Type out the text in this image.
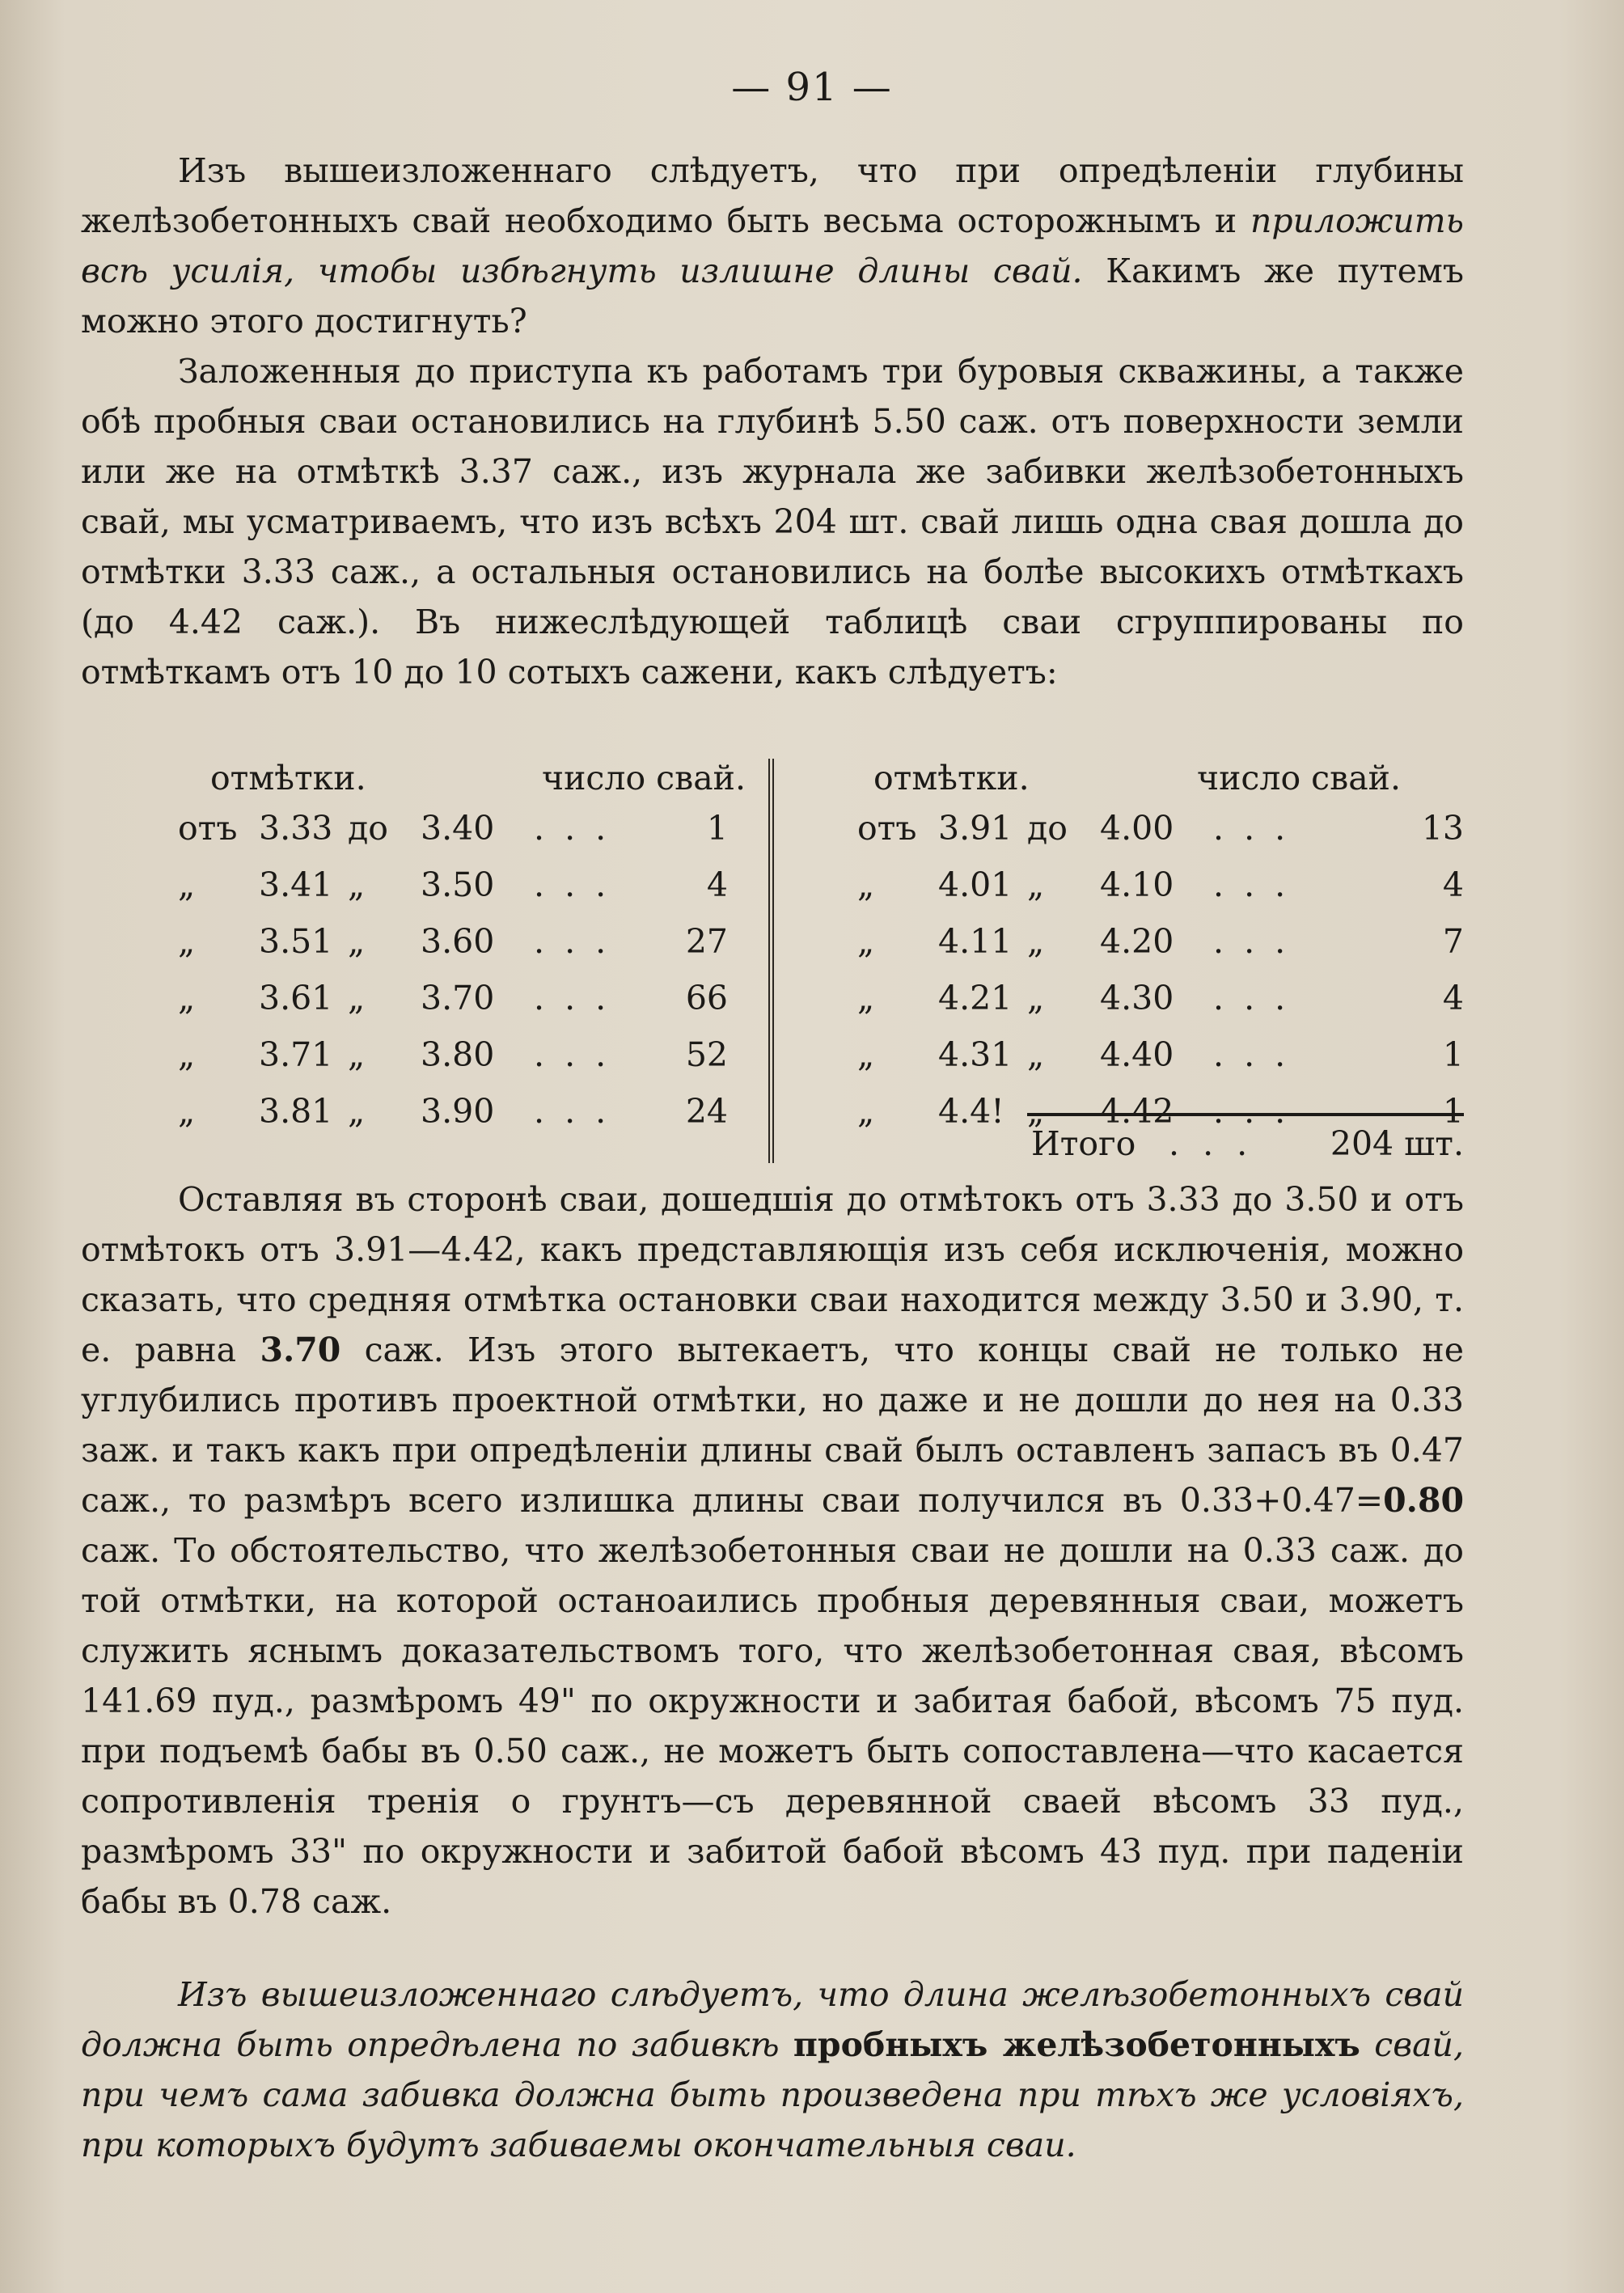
— 91 —
Изъ вышеизложеннаго слѣдуетъ, что при опредѣленіи глубины желѣзобетонныхъ свай необходимо быть весьма осторожнымъ и приложить всѣ усилія, чтобы избѣгнуть излишне длины свай. Какимъ же путемъ можно этого достигнуть?
Заложенныя до приступа къ работамъ три буровыя скважины, а также обѣ пробныя сваи остановились на глубинѣ 5.50 саж. отъ поверхности земли или же на отмѣткѣ 3.37 саж., изъ журнала же забивки желѣзобетонныхъ свай, мы усматриваемъ, что изъ всѣхъ 204 шт. свай лишь одна свая дошла до отмѣтки 3.33 саж., а остальныя остановились на болѣе высокихъ отмѣткахъ (до 4.42 саж.). Въ нижеслѣдующей таблицѣ сваи сгруппированы по отмѣткамъ отъ 10 до 10 сотыхъ сажени, какъ слѣдуетъ:
отмѣтки.	число свай.
отъ 3.33 до 3.40 . . .	1
„ 3.41 „ 3.50 . . .	4
„ 3.51 „ 3.60 . . . 27
„ 3.61 „ 3.70 . . . 66
„ 3.71 „ 3.80 . . . 52
„ 3.81 „ 3.90 . . . 24
отмѣтки.	число свай.
отъ 3.91 до 4.00 . . .	13
„ 4.01 „ 4.10 . . .	4
„ 4.11 „ 4.20 . . .	7
„ 4.21 „ 4.30 . . .	4
„ 4.31 „ 4.40 . . .	1
„ 4.4! „ 4.42 . . .	1
Итого . . . 204 шт.
Оставляя въ сторонѣ сваи, дошедшія до отмѣтокъ отъ 3.33 до 3.50 и отъ отмѣтокъ отъ 3.91—4.42, какъ представляющія изъ себя исключенія, можно сказать, что средняя отмѣтка остановки сваи находится между 3.50 и 3.90, т. е. равна 3.70 саж. Изъ этого вытекаетъ, что концы свай не только не углубились противъ проектной отмѣтки, но даже и не дошли до нея на 0.33 заж. и такъ какъ при опредѣленіи длины свай былъ оставленъ запасъ въ 0.47 саж., то размѣръ всего излишка длины сваи получился въ 0.33+0.47=0.80 саж. То обстоятельство, что желѣзобетонныя сваи не дошли на 0.33 саж. до той отмѣтки, на которой останоаились пробныя деревянныя сваи, можетъ служить яснымъ доказательствомъ того, что желѣзобетонная свая, вѣсомъ 141.69 пуд., размѣромъ 49" по окружности и забитая бабой, вѣсомъ 75 пуд. при подъемѣ бабы въ 0.50 саж., не можетъ быть сопоставлена—что касается сопротивленія тренія о грунтъ—съ деревянной сваей вѣсомъ 33 пуд., размѣромъ 33" по окружности и забитой бабой вѣсомъ 43 пуд. при паденіи бабы въ 0.78 саж.
Изъ вышеизложеннаго слѣдуетъ, что длина желѣзобетонныхъ свай должна быть опредѣлена по забивкѣ пробныхъ желѣзобетонныхъ свай, при чемъ сама забивка должна быть произведена при тѣхъ же условіяхъ, при которыхъ будутъ забиваемы окончательныя сваи.
